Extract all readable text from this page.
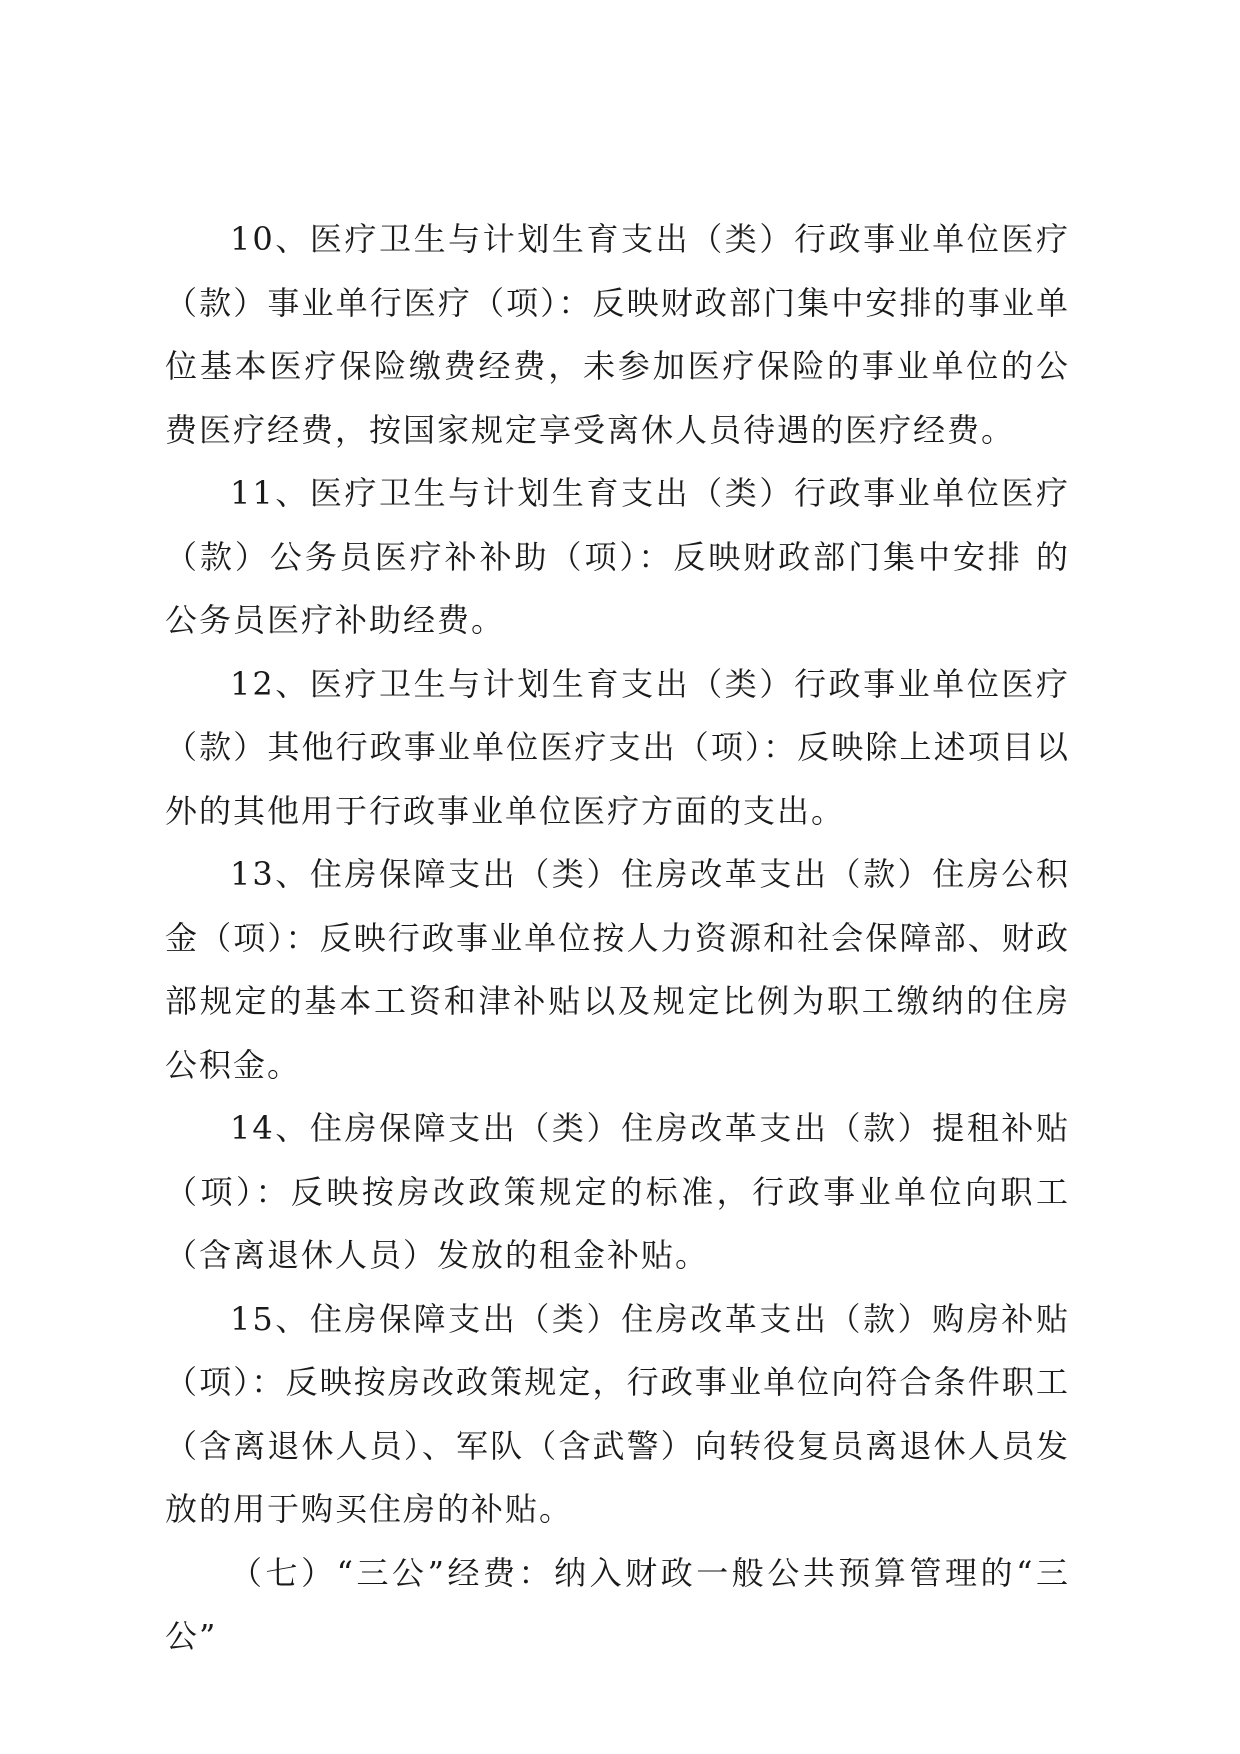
10、医疗卫生与计划生育支出（类）行政事业单位医疗（款）事业单行医疗（项）：反映财政部门集中安排的事业单位基本医疗保险缴费经费，未参加医疗保险的事业单位的公费医疗经费，按国家规定享受离休人员待遇的医疗经费。

11、医疗卫生与计划生育支出（类）行政事业单位医疗（款）公务员医疗补补助（项）：反映财政部门集中安排 的公务员医疗补助经费。

12、医疗卫生与计划生育支出（类）行政事业单位医疗（款）其他行政事业单位医疗支出（项）：反映除上述项目以外的其他用于行政事业单位医疗方面的支出。

13、住房保障支出（类）住房改革支出（款）住房公积金（项）：反映行政事业单位按人力资源和社会保障部、财政部规定的基本工资和津补贴以及规定比例为职工缴纳的住房公积金。

14、住房保障支出（类）住房改革支出（款）提租补贴（项）：反映按房改政策规定的标准，行政事业单位向职工（含离退休人员）发放的租金补贴。

15、住房保障支出（类）住房改革支出（款）购房补贴（项）：反映按房改政策规定，行政事业单位向符合条件职工（含离退休人员）、军队（含武警）向转役复员离退休人员发放的用于购买住房的补贴。

（七）“三公”经费：纳入财政一般公共预算管理的“三公”
